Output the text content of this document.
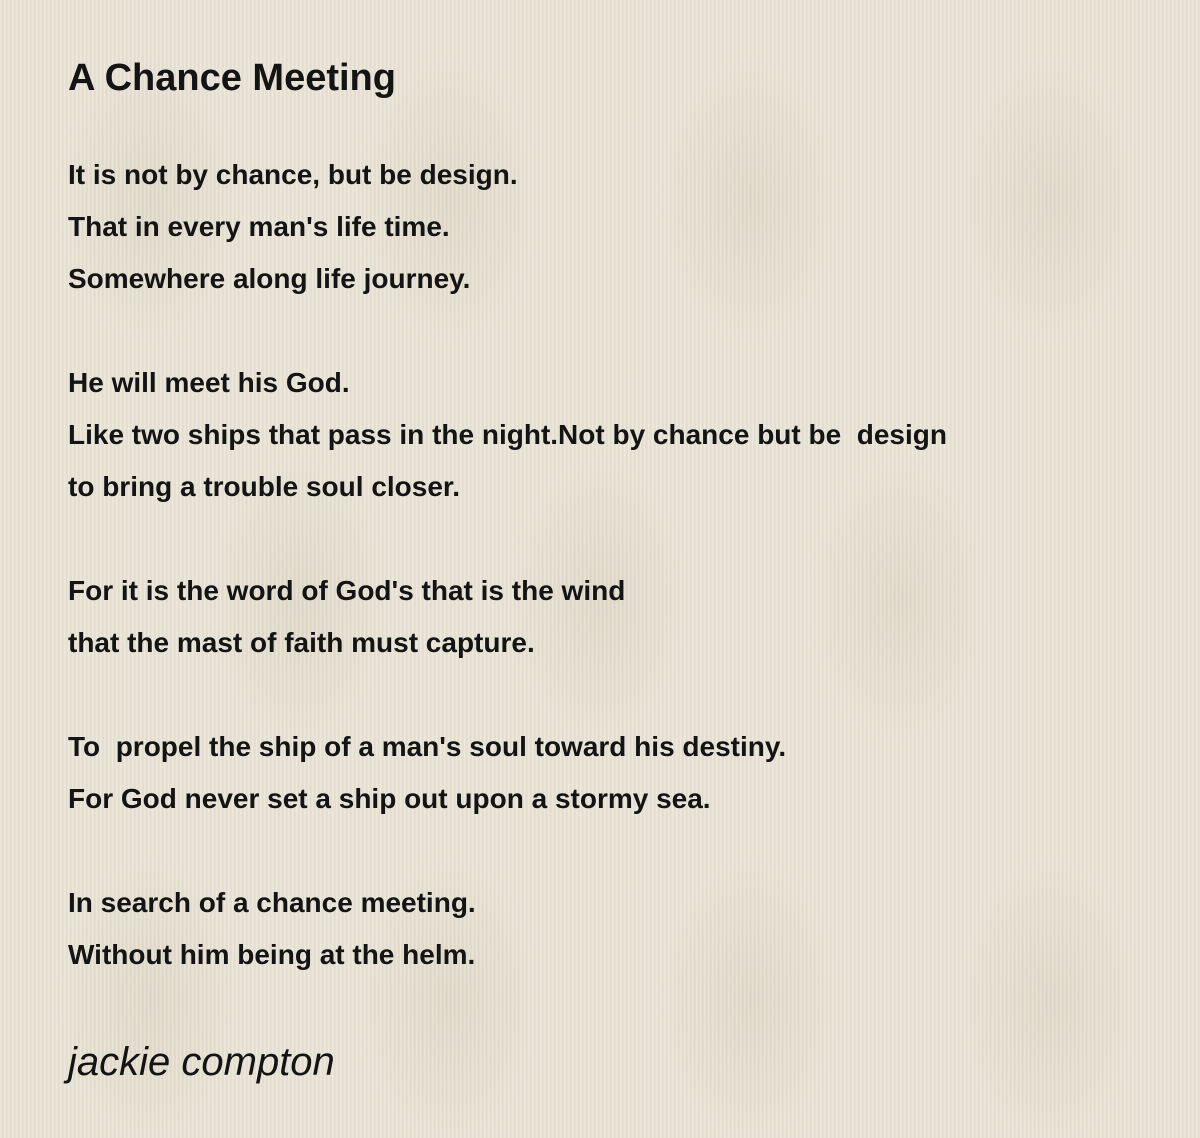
A Chance Meeting
It is not by chance, but be design.
That in every man's life time.
Somewhere along life journey.
He will meet his God.
Like two ships that pass in the night.Not by chance but be  design
to bring a trouble soul closer.
For it is the word of God's that is the wind
that the mast of faith must capture.
To  propel the ship of a man's soul toward his destiny.
For God never set a ship out upon a stormy sea.
In search of a chance meeting.
Without him being at the helm.
jackie compton
